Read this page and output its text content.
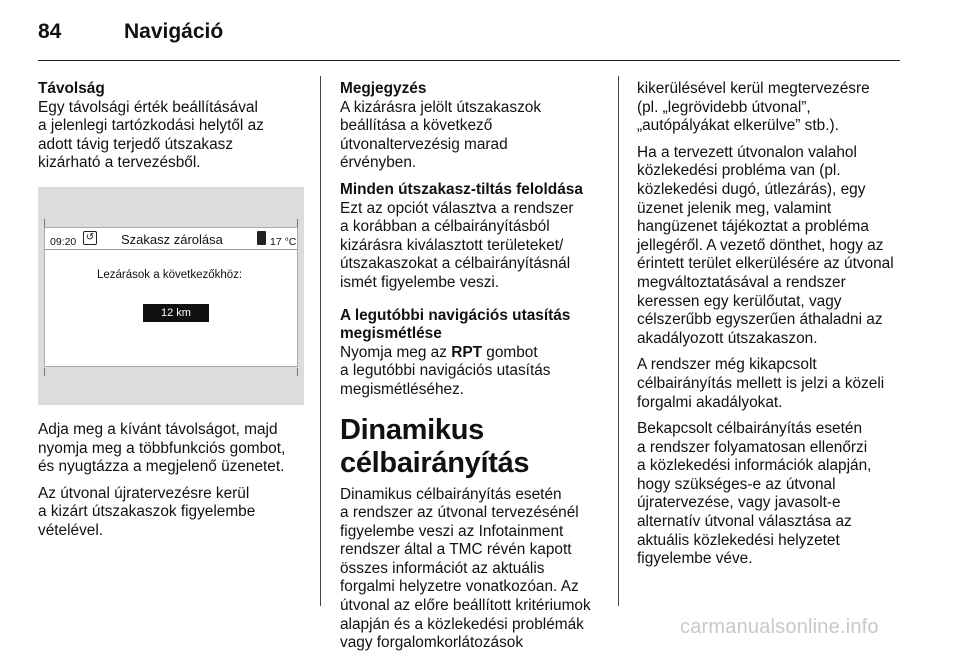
84	Navigáció
Távolság
Egy távolsági érték beállításával
a jelenlegi tartózkodási helytől az
adott távig terjedő útszakasz
kizárható a tervezésből.
09:20 ↺ Szakasz zárolása	17 °C
Lezárások a következőkhöz:
12 km
Adja meg a kívánt távolságot, majd
nyomja meg a többfunkciós gombot,
és nyugtázza a megjelenő üzenetet.
Az útvonal újratervezésre kerül
a kizárt útszakaszok figyelembe
vételével.
Megjegyzés
A kizárásra jelölt útszakaszok
beállítása a következő
útvonaltervezésig marad
érvényben.
Minden útszakasz-tiltás feloldása
Ezt az opciót választva a rendszer
a korábban a célbairányításból
kizárásra kiválasztott területeket/
útszakaszokat a célbairányításnál
ismét figyelembe veszi.
A legutóbbi navigációs utasítás
megismétlése
Nyomja meg az RPT gombot
a legutóbbi navigációs utasítás
megismétléséhez.
Dinamikus célbairányítás
Dinamikus célbairányítás esetén
a rendszer az útvonal tervezésénél
figyelembe veszi az Infotainment
rendszer által a TMC révén kapott
összes információt az aktuális
forgalmi helyzetre vonatkozóan. Az
útvonal az előre beállított kritériumok
alapján és a közlekedési problémák
vagy forgalomkorlátozások
kikerülésével kerül megtervezésre
(pl. „legrövidebb útvonal”,
„autópályákat elkerülve” stb.).
Ha a tervezett útvonalon valahol
közlekedési probléma van (pl.
közlekedési dugó, útlezárás), egy
üzenet jelenik meg, valamint
hangüzenet tájékoztat a probléma
jellegéről. A vezető dönthet, hogy az
érintett terület elkerülésére az útvonal
megváltoztatásával a rendszer
keressen egy kerülőutat, vagy
célszerűbb egyszerűen áthaladni az
akadályozott útszakaszon.
A rendszer még kikapcsolt
célbairányítás mellett is jelzi a közeli
forgalmi akadályokat.
Bekapcsolt célbairányítás esetén
a rendszer folyamatosan ellenőrzi
a közlekedési információk alapján,
hogy szükséges-e az útvonal
újratervezése, vagy javasolt-e
alternatív útvonal választása az
aktuális közlekedési helyzetet
figyelembe véve.
carmanualsonline.info
